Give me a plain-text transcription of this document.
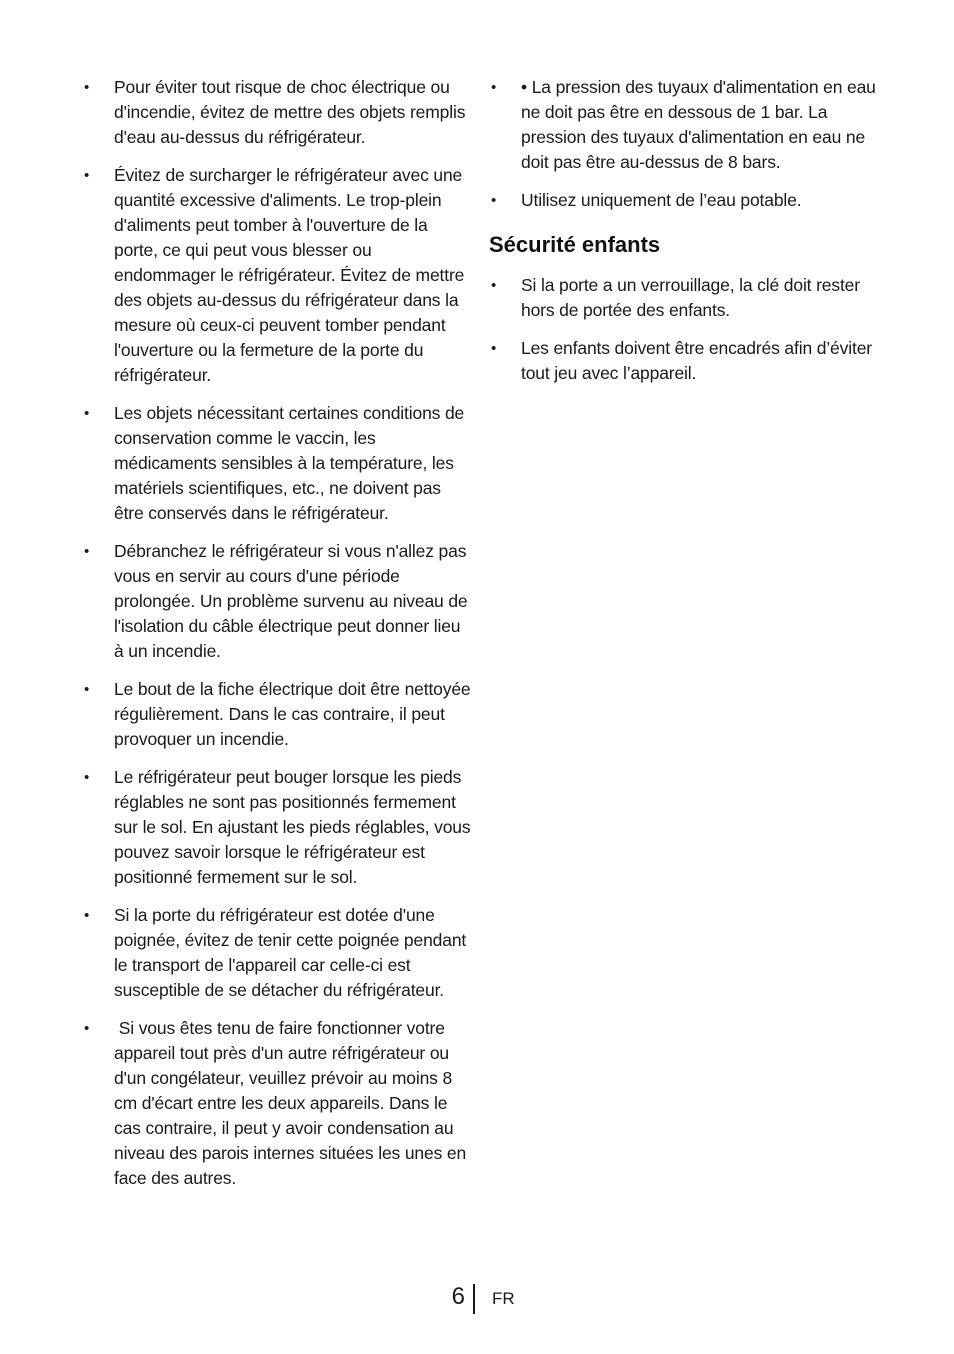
• Pour éviter tout risque de choc électrique ou d'incendie, évitez de mettre des objets remplis d'eau au-dessus du réfrigérateur.
• Évitez de surcharger le réfrigérateur avec une quantité excessive d'aliments. Le trop-plein d'aliments peut tomber à l'ouverture de la porte, ce qui peut vous blesser ou endommager le réfrigérateur. Évitez de mettre des objets au-dessus du réfrigérateur dans la mesure où ceux-ci peuvent tomber pendant l'ouverture ou la fermeture de la porte du réfrigérateur.
• Les objets nécessitant certaines conditions de conservation comme le vaccin, les médicaments sensibles à la température, les matériels scientifiques, etc., ne doivent pas être conservés dans le réfrigérateur.
• Débranchez le réfrigérateur si vous n'allez pas vous en servir au cours d'une période prolongée. Un problème survenu au niveau de l'isolation du câble électrique peut donner lieu à un incendie.
• Le bout de la fiche électrique doit être nettoyée régulièrement. Dans le cas contraire, il peut provoquer un incendie.
• Le réfrigérateur peut bouger lorsque les pieds réglables ne sont pas positionnés fermement sur le sol. En ajustant les pieds réglables, vous pouvez savoir lorsque le réfrigérateur est positionné fermement sur le sol.
• Si la porte du réfrigérateur est dotée d'une poignée, évitez de tenir cette poignée pendant le transport de l'appareil car celle-ci est susceptible de se détacher du réfrigérateur.
• Si vous êtes tenu de faire fonctionner votre appareil tout près d'un autre réfrigérateur ou d'un congélateur, veuillez prévoir au moins 8 cm d'écart entre les deux appareils. Dans le cas contraire, il peut y avoir condensation au niveau des parois internes situées les unes en face des autres.
• • La pression des tuyaux d'alimentation en eau ne doit pas être en dessous de 1 bar. La pression des tuyaux d'alimentation en eau ne doit pas être au-dessus de 8 bars.
• Utilisez uniquement de l’eau potable.
Sécurité enfants
• Si la porte a un verrouillage, la clé doit rester hors de portée des enfants.
• Les enfants doivent être encadrés afin d’éviter tout jeu avec l’appareil.
6 FR
